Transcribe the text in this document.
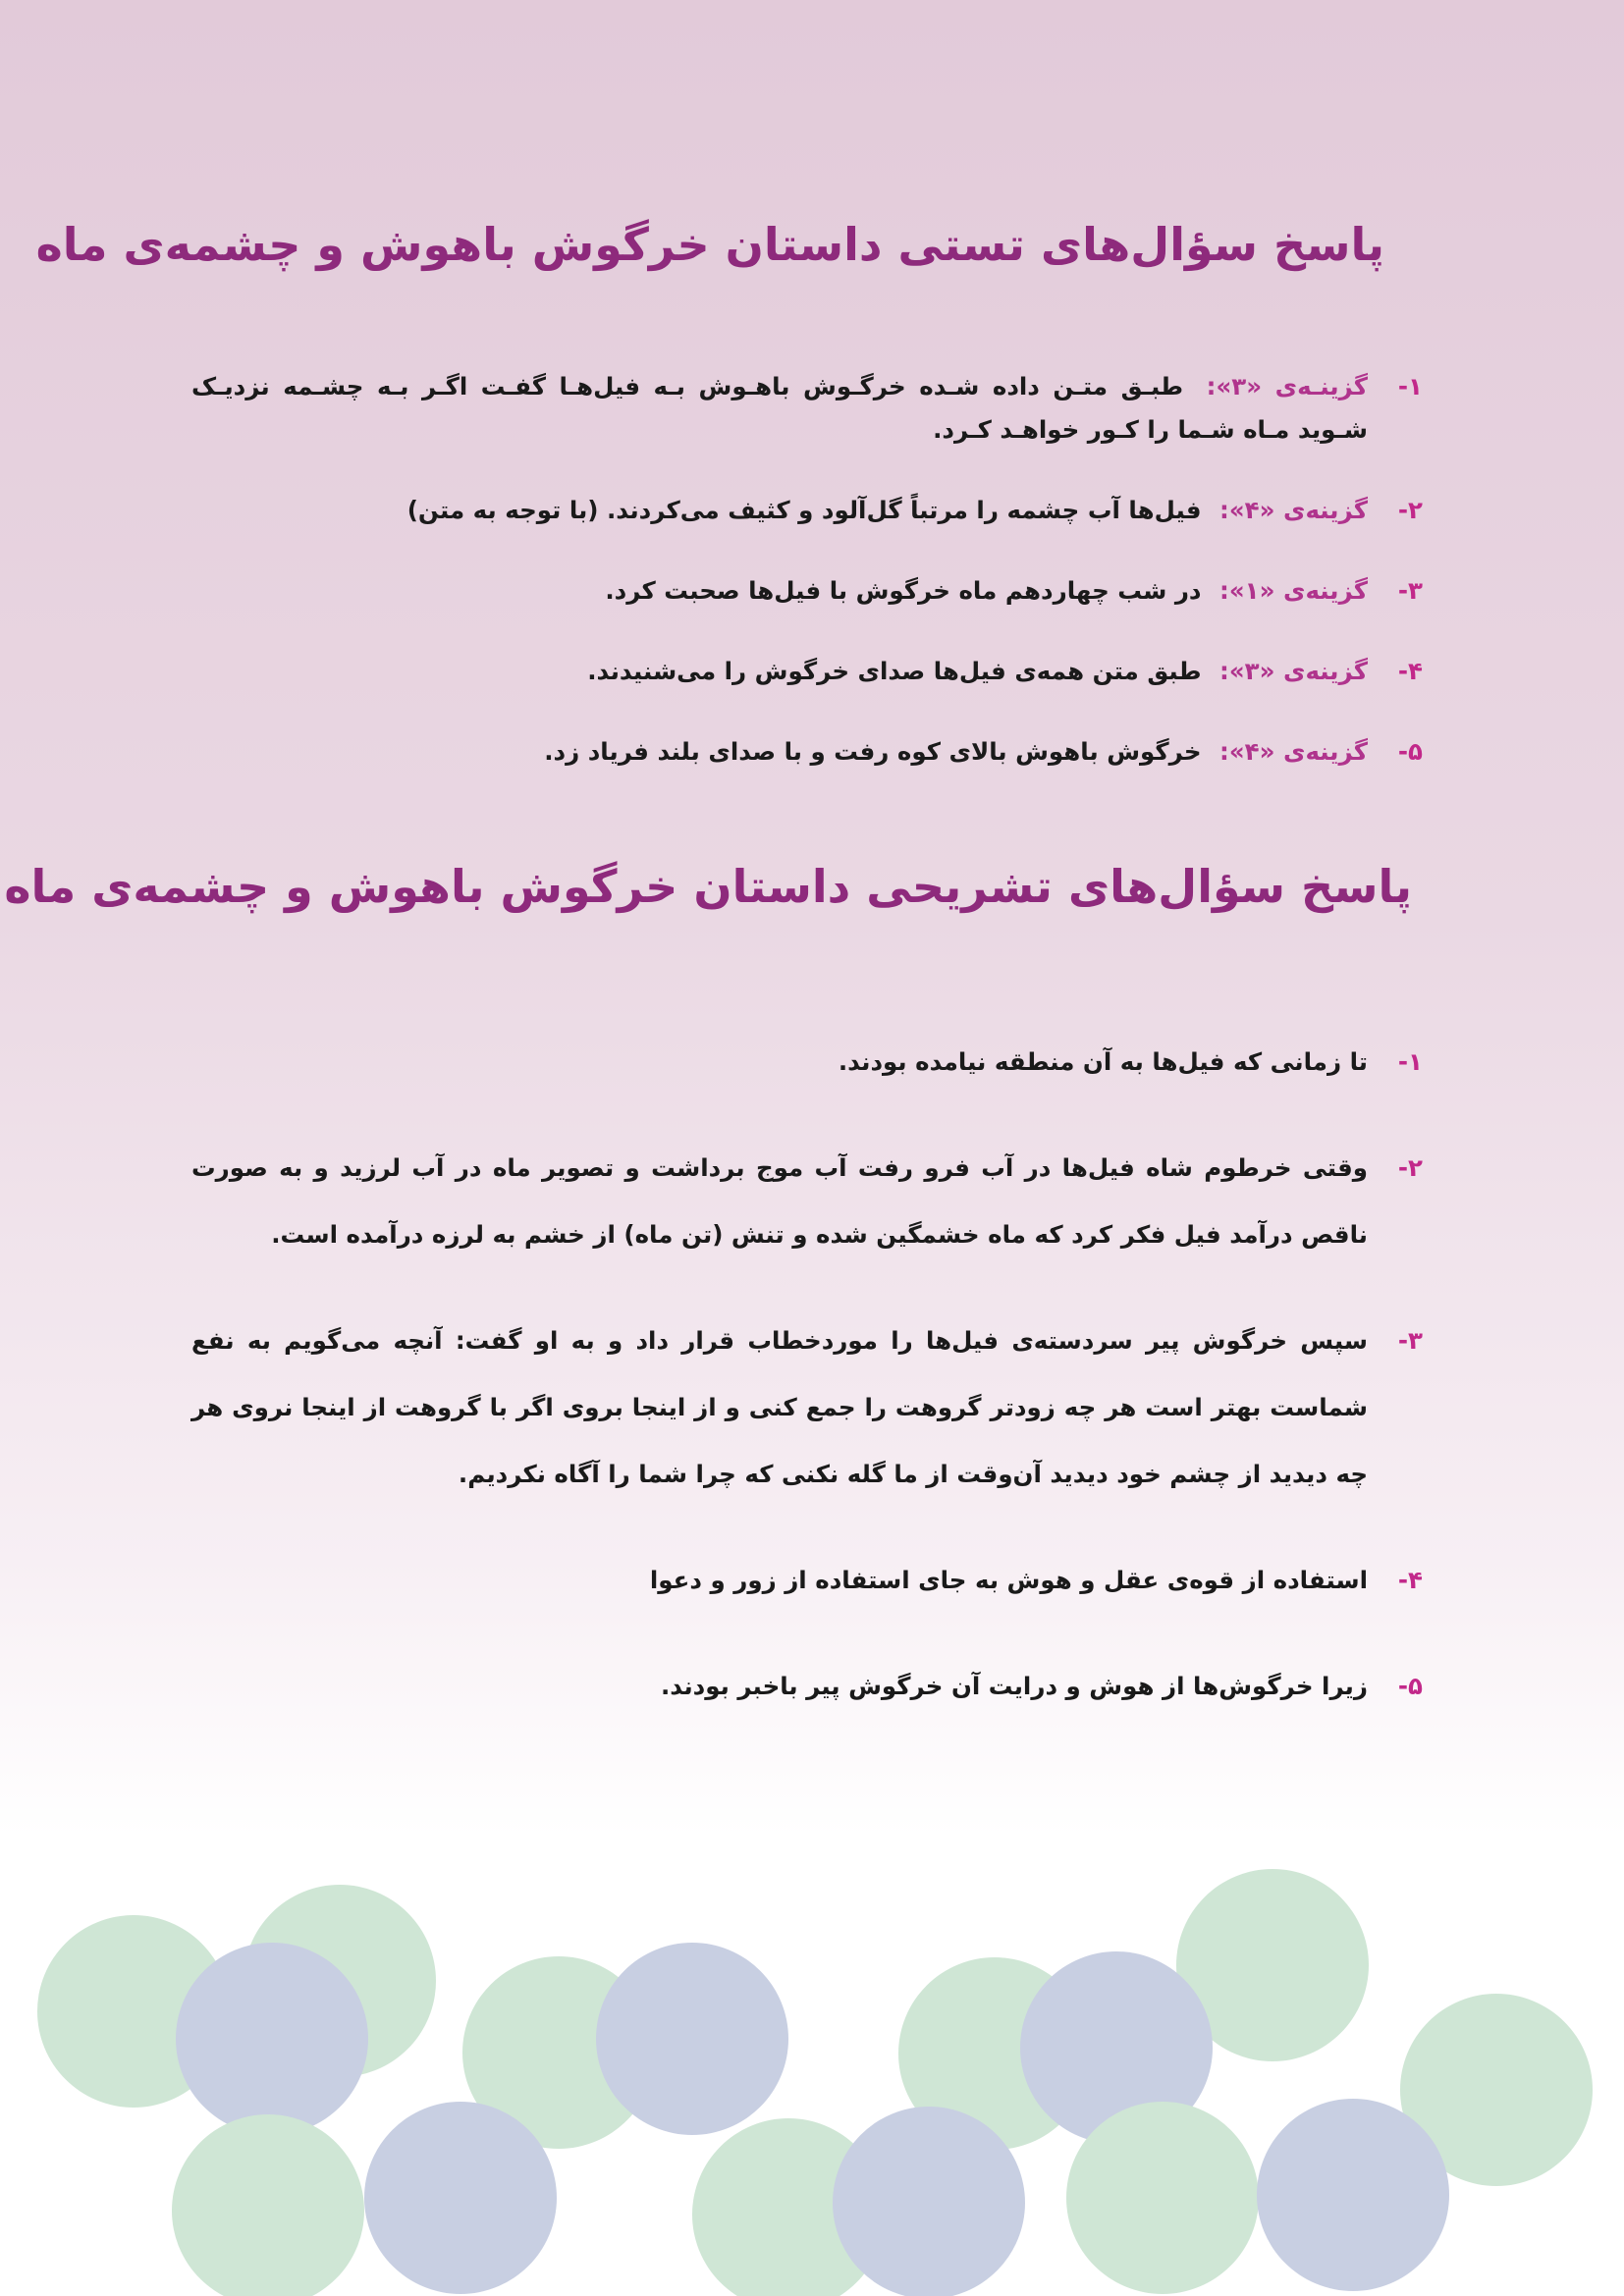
پاسخ سؤال‌های تستی داستان خرگوش باهوش و چشمه‌ی ماه
۱-
گزینـه‌ی «۳»: طبـق متـن داده شـده خرگـوش باهـوش بـه فیل‌هـا گفـت اگـر بـه چشـمه نزدیـک شـوید مـاه شـما را کـور خواهـد کـرد.
۲-
گزینه‌ی «۴»: فیل‌ها آب چشمه را مرتباً گل‌آلود و کثیف می‌کردند. (با توجه به متن)
۳-
گزینه‌ی «۱»: در شب چهاردهم ماه خرگوش با فیل‌ها صحبت کرد.
۴-
گزینه‌ی «۳»: طبق متن همه‌ی فیل‌ها صدای خرگوش را می‌شنیدند.
۵-
گزینه‌ی «۴»: خرگوش باهوش بالای کوه رفت و با صدای بلند فریاد زد.
پاسخ سؤال‌های تشریحی داستان خرگوش باهوش و چشمه‌ی ماه
۱-
تا زمانی که فیل‌ها به آن منطقه نیامده بودند.
۲-
وقتی خرطوم شاه فیل‌ها در آب فرو رفت آب موج برداشت و تصویر ماه در آب لرزید و به صورت ناقص درآمد فیل فکر کرد که ماه خشمگین شده و تنش (تن ماه) از خشم به لرزه درآمده است.
۳-
سپس خرگوش پیر سردسته‌ی فیل‌ها را موردخطاب قرار داد و به او گفت: آنچه می‌گویم به نفع شماست بهتر است هر چه زودتر گروهت را جمع کنی و از اینجا بروی اگر با گروهت از اینجا نروی هر چه دیدید از چشم خود دیدید آن‌وقت از ما گله نکنی که چرا شما را آگاه نکردیم.
۴-
استفاده از قوه‌ی عقل و هوش به جای استفاده از زور و دعوا
۵-
زیرا خرگوش‌ها از هوش و درایت آن خرگوش پیر باخبر بودند.
